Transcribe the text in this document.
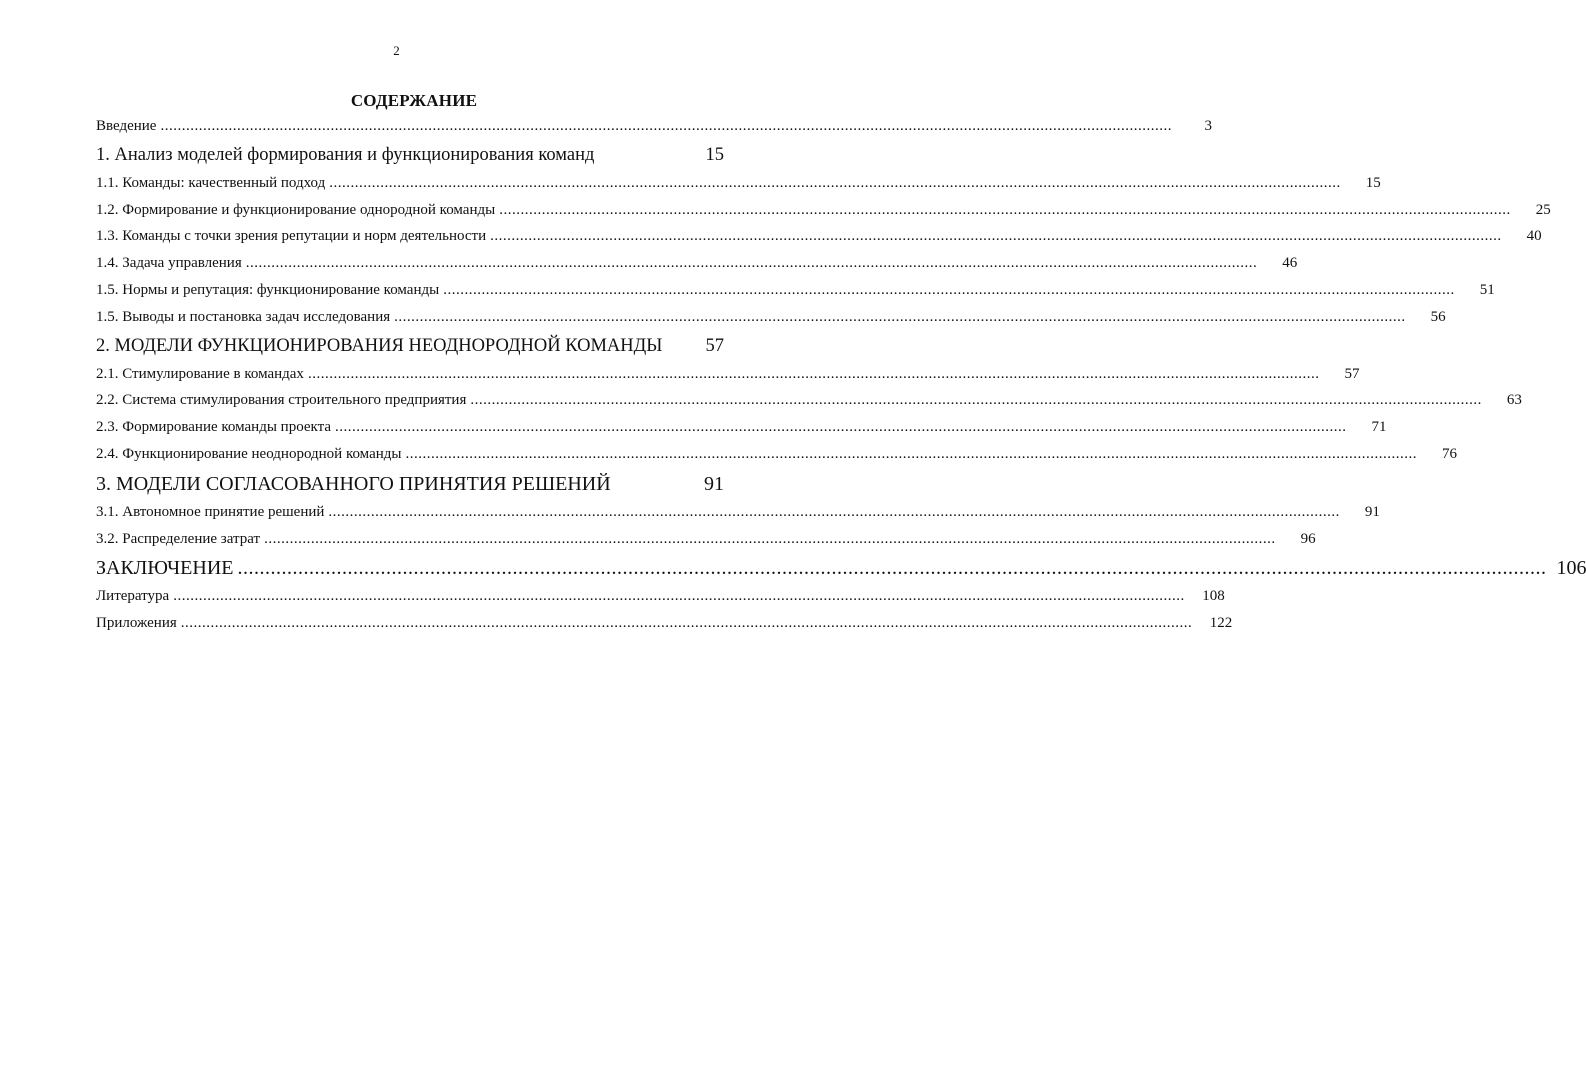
2
СОДЕРЖАНИЕ
Введение .....	3
1. Анализ моделей формирования и функционирования команд	15
1.1. Команды: качественный подход .....	15
1.2. Формирование и функционирование однородной команды .....	25
1.3. Команды с точки зрения репутации и норм деятельности .....	40
1.4. Задача управления .....	46
1.5. Нормы и репутация: функционирование команды .....	51
1.5. Выводы и постановка задач исследования .....	56
2. МОДЕЛИ ФУНКЦИОНИРОВАНИЯ НЕОДНОРОДНОЙ КОМАНДЫ	57
2.1. Стимулирование в командах .....	57
2.2. Система стимулирования строительного предприятия .....	63
2.3. Формирование команды проекта .....	71
2.4. Функционирование неоднородной команды .....	76
3. МОДЕЛИ СОГЛАСОВАННОГО ПРИНЯТИЯ РЕШЕНИЙ	91
3.1. Автономное принятие решений .....	91
3.2. Распределение затрат .....	96
ЗАКЛЮЧЕНИЕ .....	106
Литература .....	108
Приложения .....	122
